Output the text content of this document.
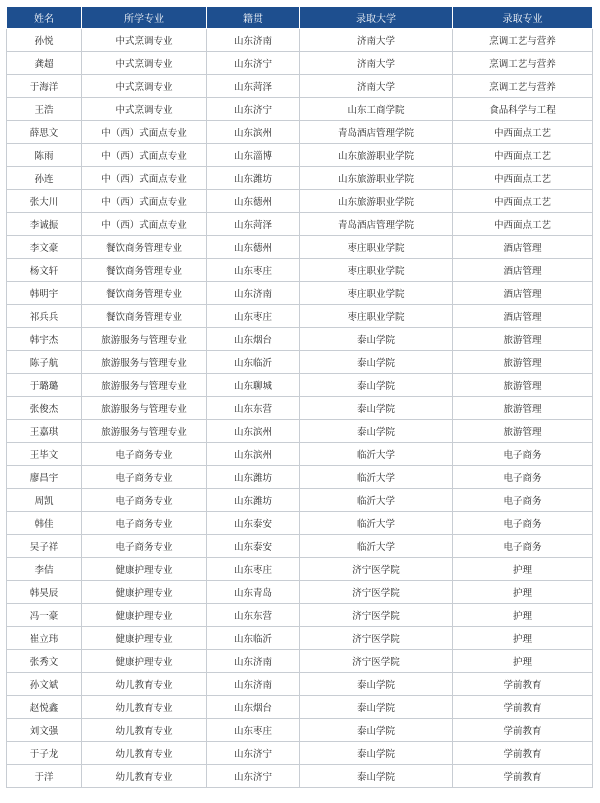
姓名	所学专业	籍贯	录取大学	录取专业
孙悦	中式烹调专业	山东济南	济南大学	烹调工艺与营养
龚超	中式烹调专业	山东济宁	济南大学	烹调工艺与营养
于海洋	中式烹调专业	山东菏泽	济南大学	烹调工艺与营养
王浩	中式烹调专业	山东济宁	山东工商学院	食品科学与工程
薛思文	中（西）式面点专业	山东滨州	青岛酒店管理学院	中西面点工艺
陈雨	中（西）式面点专业	山东淄博	山东旅游职业学院	中西面点工艺
孙连	中（西）式面点专业	山东潍坊	山东旅游职业学院	中西面点工艺
张大川	中（西）式面点专业	山东德州	山东旅游职业学院	中西面点工艺
李诚振	中（西）式面点专业	山东菏泽	青岛酒店管理学院	中西面点工艺
李文豪	餐饮商务管理专业	山东德州	枣庄职业学院	酒店管理
杨文轩	餐饮商务管理专业	山东枣庄	枣庄职业学院	酒店管理
韩明宇	餐饮商务管理专业	山东济南	枣庄职业学院	酒店管理
祁兵兵	餐饮商务管理专业	山东枣庄	枣庄职业学院	酒店管理
韩宇杰	旅游服务与管理专业	山东烟台	泰山学院	旅游管理
陈子航	旅游服务与管理专业	山东临沂	泰山学院	旅游管理
于璐璐	旅游服务与管理专业	山东聊城	泰山学院	旅游管理
张俊杰	旅游服务与管理专业	山东东营	泰山学院	旅游管理
王嘉琪	旅游服务与管理专业	山东滨州	泰山学院	旅游管理
王毕文	电子商务专业	山东滨州	临沂大学	电子商务
廖昌宇	电子商务专业	山东潍坊	临沂大学	电子商务
周凯	电子商务专业	山东潍坊	临沂大学	电子商务
韩佳	电子商务专业	山东泰安	临沂大学	电子商务
吴子祥	电子商务专业	山东泰安	临沂大学	电子商务
李佶	健康护理专业	山东枣庄	济宁医学院	护理
韩昊辰	健康护理专业	山东青岛	济宁医学院	护理
冯一豪	健康护理专业	山东东营	济宁医学院	护理
崔立玮	健康护理专业	山东临沂	济宁医学院	护理
张秀文	健康护理专业	山东济南	济宁医学院	护理
孙文斌	幼儿教育专业	山东济南	泰山学院	学前教育
赵悦鑫	幼儿教育专业	山东烟台	泰山学院	学前教育
刘文强	幼儿教育专业	山东枣庄	泰山学院	学前教育
于子龙	幼儿教育专业	山东济宁	泰山学院	学前教育
于洋	幼儿教育专业	山东济宁	泰山学院	学前教育
